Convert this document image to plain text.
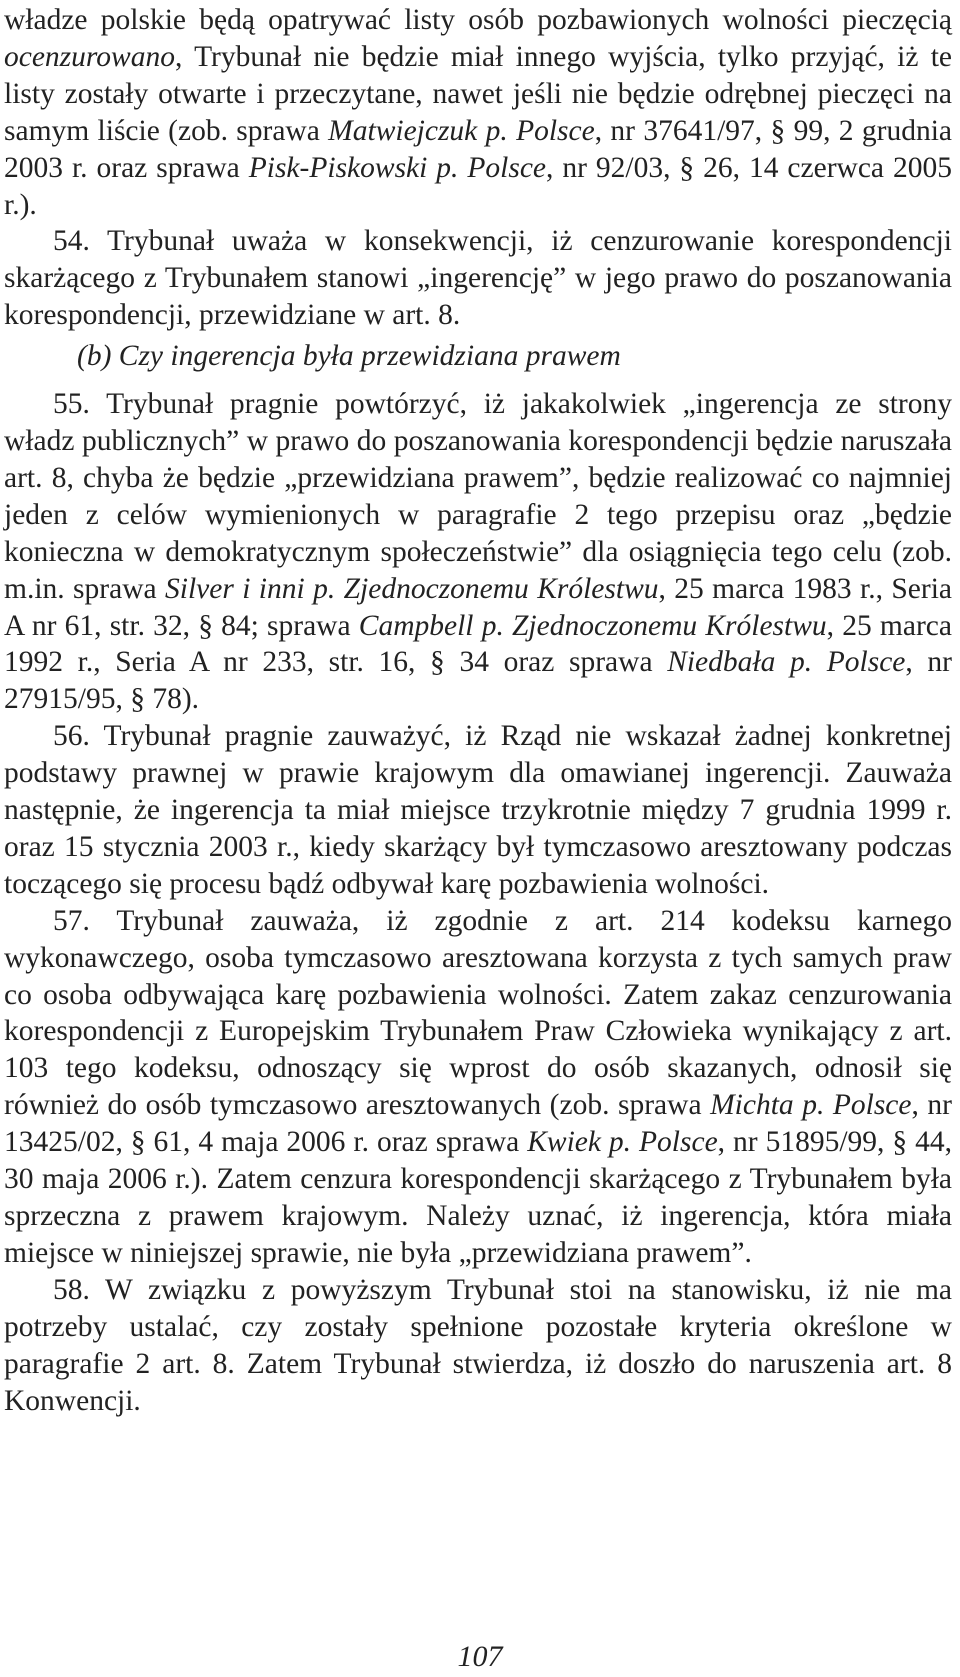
władze polskie będą opatrywać listy osób pozbawionych wolności pieczęcią ocenzurowano, Trybunał nie będzie miał innego wyjścia, tylko przyjąć, iż te listy zostały otwarte i przeczytane, nawet jeśli nie będzie odrębnej pieczęci na samym liście (zob. sprawa Matwiejczuk p. Polsce, nr 37641/97, § 99, 2 grudnia 2003 r. oraz sprawa Pisk-Piskowski p. Polsce, nr 92/03, § 26, 14 czerwca 2005 r.).

54. Trybunał uważa w konsekwencji, iż cenzurowanie korespondencji skarżącego z Trybunałem stanowi „ingerencję” w jego prawo do poszanowania korespondencji, przewidziane w art. 8.

(b) Czy ingerencja była przewidziana prawem

55. Trybunał pragnie powtórzyć, iż jakakolwiek „ingerencja ze strony władz publicznych” w prawo do poszanowania korespondencji będzie naruszała art. 8, chyba że będzie „przewidziana prawem”, będzie realizować co najmniej jeden z celów wymienionych w paragrafie 2 tego przepisu oraz „będzie konieczna w demokratycznym społeczeństwie” dla osiągnięcia tego celu (zob. m.in. sprawa Silver i inni p. Zjednoczonemu Królestwu, 25 marca 1983 r., Seria A nr 61, str. 32, § 84; sprawa Campbell p. Zjednoczonemu Królestwu, 25 marca 1992 r., Seria A nr 233, str. 16, § 34 oraz sprawa Niedbała p. Polsce, nr 27915/95, § 78).

56. Trybunał pragnie zauważyć, iż Rząd nie wskazał żadnej konkretnej podstawy prawnej w prawie krajowym dla omawianej ingerencji. Zauważa następnie, że ingerencja ta miał miejsce trzykrotnie między 7 grudnia 1999 r. oraz 15 stycznia 2003 r., kiedy skarżący był tymczasowo aresztowany podczas toczącego się procesu bądź odbywał karę pozbawienia wolności.

57. Trybunał zauważa, iż zgodnie z art. 214 kodeksu karnego wykonawczego, osoba tymczasowo aresztowana korzysta z tych samych praw co osoba odbywająca karę pozbawienia wolności. Zatem zakaz cenzurowania korespondencji z Europejskim Trybunałem Praw Człowieka wynikający z art. 103 tego kodeksu, odnoszący się wprost do osób skazanych, odnosił się również do osób tymczasowo aresztowanych (zob. sprawa Michta p. Polsce, nr 13425/02, § 61, 4 maja 2006 r. oraz sprawa Kwiek p. Polsce, nr 51895/99, § 44, 30 maja 2006 r.). Zatem cenzura korespondencji skarżącego z Trybunałem była sprzeczna z prawem krajowym. Należy uznać, iż ingerencja, która miała miejsce w niniejszej sprawie, nie była „przewidziana prawem”.

58. W związku z powyższym Trybunał stoi na stanowisku, iż nie ma potrzeby ustalać, czy zostały spełnione pozostałe kryteria określone w paragrafie 2 art. 8. Zatem Trybunał stwierdza, iż doszło do naruszenia art. 8 Konwencji.

107
